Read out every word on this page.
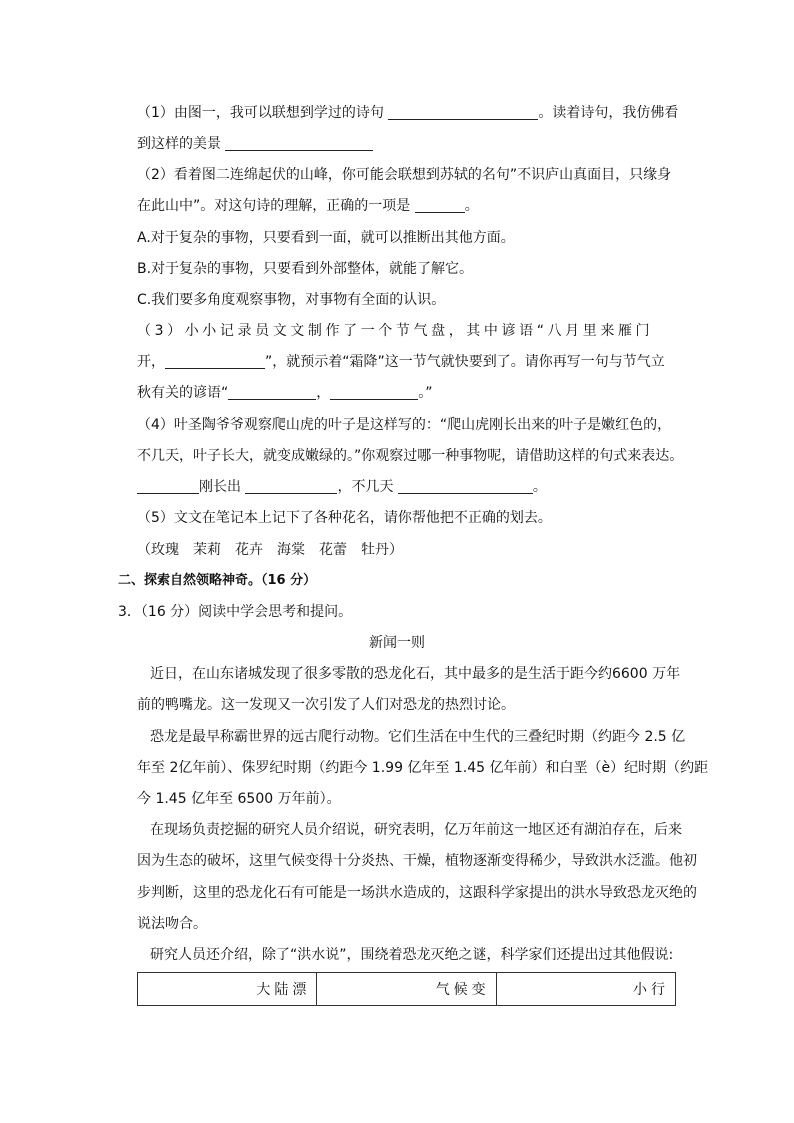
（1）由图一，我可以联想到学过的诗句	。读着诗句，我仿佛看
到这样的美景
（2）看着图二连绵起伏的山峰，你可能会联想到苏轼的名句”不识庐山真面目，只缘身
在此山中”。对这句诗的理解，正确的一项是	。
A.对于复杂的事物，只要看到一面，就可以推断出其他方面。
B.对于复杂的事物，只要看到外部整体，就能了解它。
C.我们要多角度观察事物，对事物有全面的认识。
（3）小小记录员文文制作了一个节气盘，其中谚语“八月里来雁门
开，	”，就预示着“霜降”这一节气就快要到了。请你再写一句与节气立
秋有关的谚语“	，	。”
（4）叶圣陶爷爷观察爬山虎的叶子是这样写的：“爬山虎刚长出来的叶子是嫩红色的，
不几天，叶子长大，就变成嫩绿的。”你观察过哪一种事物呢，请借助这样的句式来表达。
刚长出	，不几天	。
（5）文文在笔记本上记下了各种花名，请你帮他把不正确的划去。
（玫瑰　茉莉　花卉　海棠　花蕾　牡丹）
二、探索自然领略神奇。（16 分）
3．（16 分）阅读中学会思考和提问。
新闻一则
近日，在山东诸城发现了很多零散的恐龙化石，其中最多的是生活于距今约6600 万年
前的鸭嘴龙。这一发现又一次引发了人们对恐龙的热烈讨论。
恐龙是最早称霸世界的远古爬行动物。它们生活在中生代的三叠纪时期（约距今 2.5 亿
年至 2亿年前）、侏罗纪时期（约距今 1.99 亿年至 1.45 亿年前）和白垩（è）纪时期（约距
今 1.45 亿年至 6500 万年前）。
在现场负责挖掘的研究人员介绍说，研究表明，亿万年前这一地区还有湖泊存在，后来
因为生态的破坏，这里气候变得十分炎热、干燥，植物逐渐变得稀少，导致洪水泛滥。他初
步判断，这里的恐龙化石有可能是一场洪水造成的，这跟科学家提出的洪水导致恐龙灭绝的
说法吻合。
研究人员还介绍，除了“洪水说”，围绕着恐龙灭绝之谜，科学家们还提出过其他假说:
大陆漂	气候变	小行
